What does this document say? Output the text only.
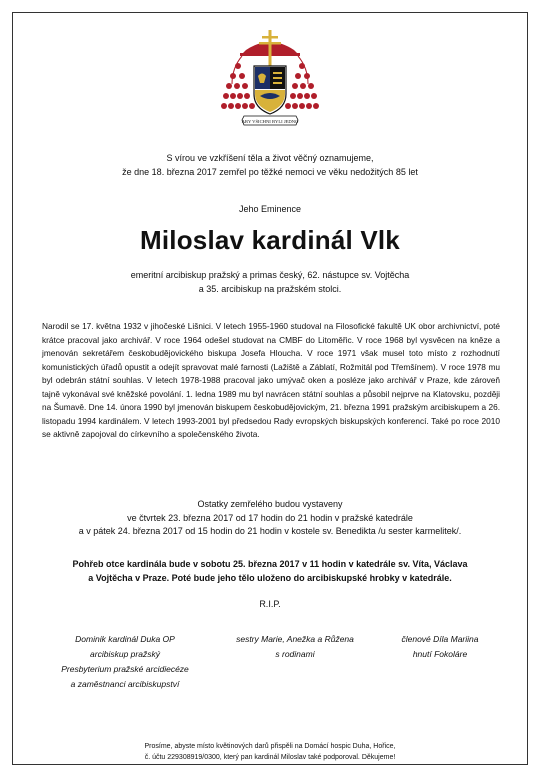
ABY VŠICHNI BYLI JEDNO
S vírou ve vzkříšení těla a život věčný oznamujeme,
že dne 18. března 2017 zemřel po těžké nemoci ve věku nedožitých 85 let
Jeho Eminence
Miloslav kardinál Vlk
emeritní arcibiskup pražský a primas český, 62. nástupce sv. Vojtěcha
a 35. arcibiskup na pražském stolci.

Narodil se 17. května 1932 v jihočeské Lišnici. V letech 1955-1960 studoval na Filosofické fakultě UK obor archivnictví, poté krátce pracoval jako archivář. V roce 1964 odešel studovat na CMBF do Litoměřic. V roce 1968 byl vysvěcen na kněze a jmenován sekretářem českobudějovického biskupa Josefa Hloucha. V roce 1971 však musel toto místo z rozhodnutí komunistických úřadů opustit a odejít spravovat malé farnosti (Lažiště a Záblatí, Rožmitál pod Třemšínem). V roce 1978 mu byl odebrán státní souhlas. V letech 1978-1988 pracoval jako umývač oken a posléze jako archivář v Praze, kde zároveň tajně vykonával své kněžské povolání. 1. ledna 1989 mu byl navrácen státní souhlas a působil nejprve na Klatovsku, později na Šumavě. Dne 14. února 1990 byl jmenován biskupem českobudějovickým, 21. března 1991 pražským arcibiskupem a 26. listopadu 1994 kardinálem. V letech 1993-2001 byl předsedou Rady evropských biskupských konferencí. Také po roce 2010 se aktivně zapojoval do církevního a společenského života.

Ostatky zemřelého budou vystaveny
ve čtvrtek 23. března 2017 od 17 hodin do 21 hodin v pražské katedrále
a v pátek 24. března 2017 od 15 hodin do 21 hodin v kostele sv. Benedikta /u sester karmelitek/.
Pohřeb otce kardinála bude v sobotu 25. března 2017 v 11 hodin v katedrále sv. Víta, Václava
a Vojtěcha v Praze. Poté bude jeho tělo uloženo do arcibiskupské hrobky v katedrále.
R.I.P.
Dominik kardinál Duka OP
arcibiskup pražský
Presbyterium pražské arcidiecéze
a zaměstnanci arcibiskupství
sestry Marie, Anežka a Růžena
s rodinami
členové Díla Mariina
hnutí Fokoláre
Prosíme, abyste místo květinových darů přispěli na Domácí hospic Duha, Hořice,
č. účtu 229308919/0300, který pan kardinál Miloslav také podporoval. Děkujeme!
